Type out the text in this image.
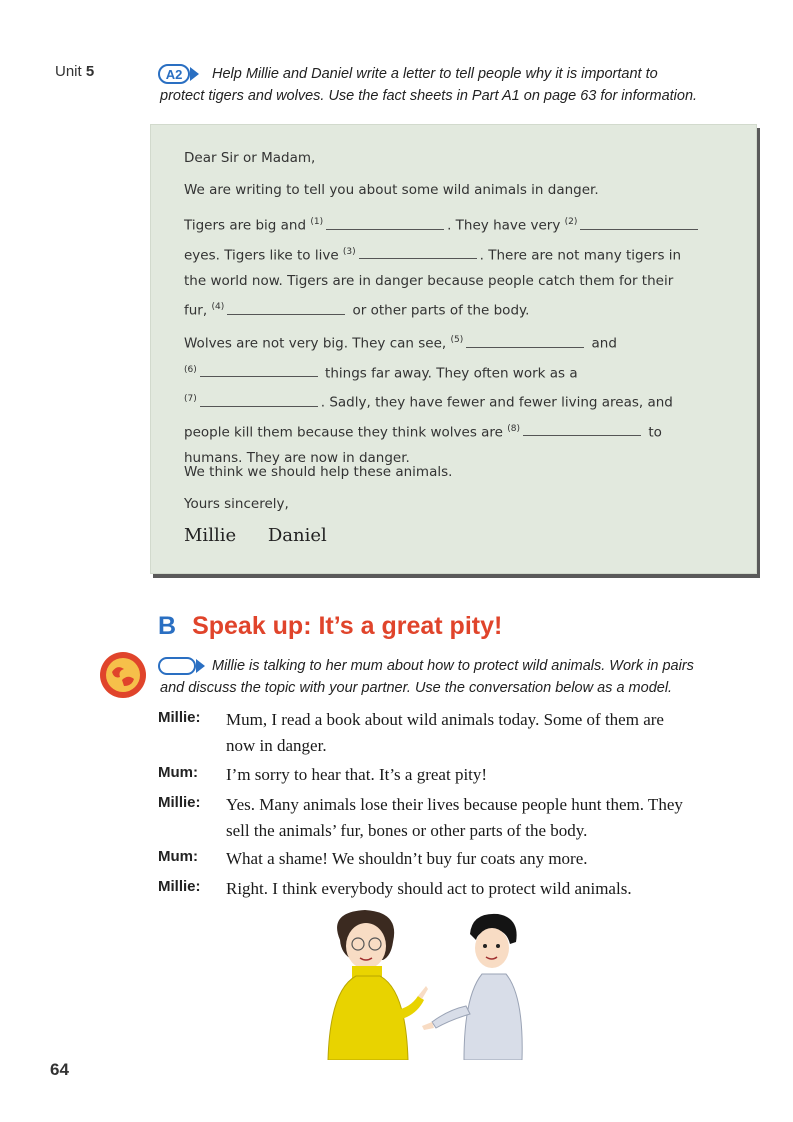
Unit 5	A2	Help Millie and Daniel write a letter to tell people why it is important to
protect tigers and wolves. Use the fact sheets in Part A1 on page 63 for information.

Dear Sir or Madam,

We are writing to tell you about some wild animals in danger.

Tigers are big and $^{(1)}$	. They have very $^{(2)}$
eyes. Tigers like to live $^{(3)}$	. There are not many tigers in
the world now. Tigers are in danger because people catch them for their
fur, $^{(4)}$	or other parts of the body.

Wolves are not very big. They can see, $^{(5)}$	and
$^{(6)}$	things far away. They often work as a
$^{(7)}$	. Sadly, they have fewer and fewer living areas, and
people kill them because they think wolves are $^{(8)}$	to
humans. They are now in danger.

We think we should help these animals.

Yours sincerely,

Millie Daniel
B Speak up: It’s a great pity!
Millie is talking to her mum about how to protect wild animals. Work in pairs
and discuss the topic with your partner. Use the conversation below as a model.
Millie: Mum, I read a book about wild animals today. Some of them are
now in danger.
Mum: I’m sorry to hear that. It’s a great pity!
Millie: Yes. Many animals lose their lives because people hunt them. They
sell the animals’ fur, bones or other parts of the body.
Mum: What a shame! We shouldn’t buy fur coats any more.
Millie: Right. I think everybody should act to protect wild animals.
64
